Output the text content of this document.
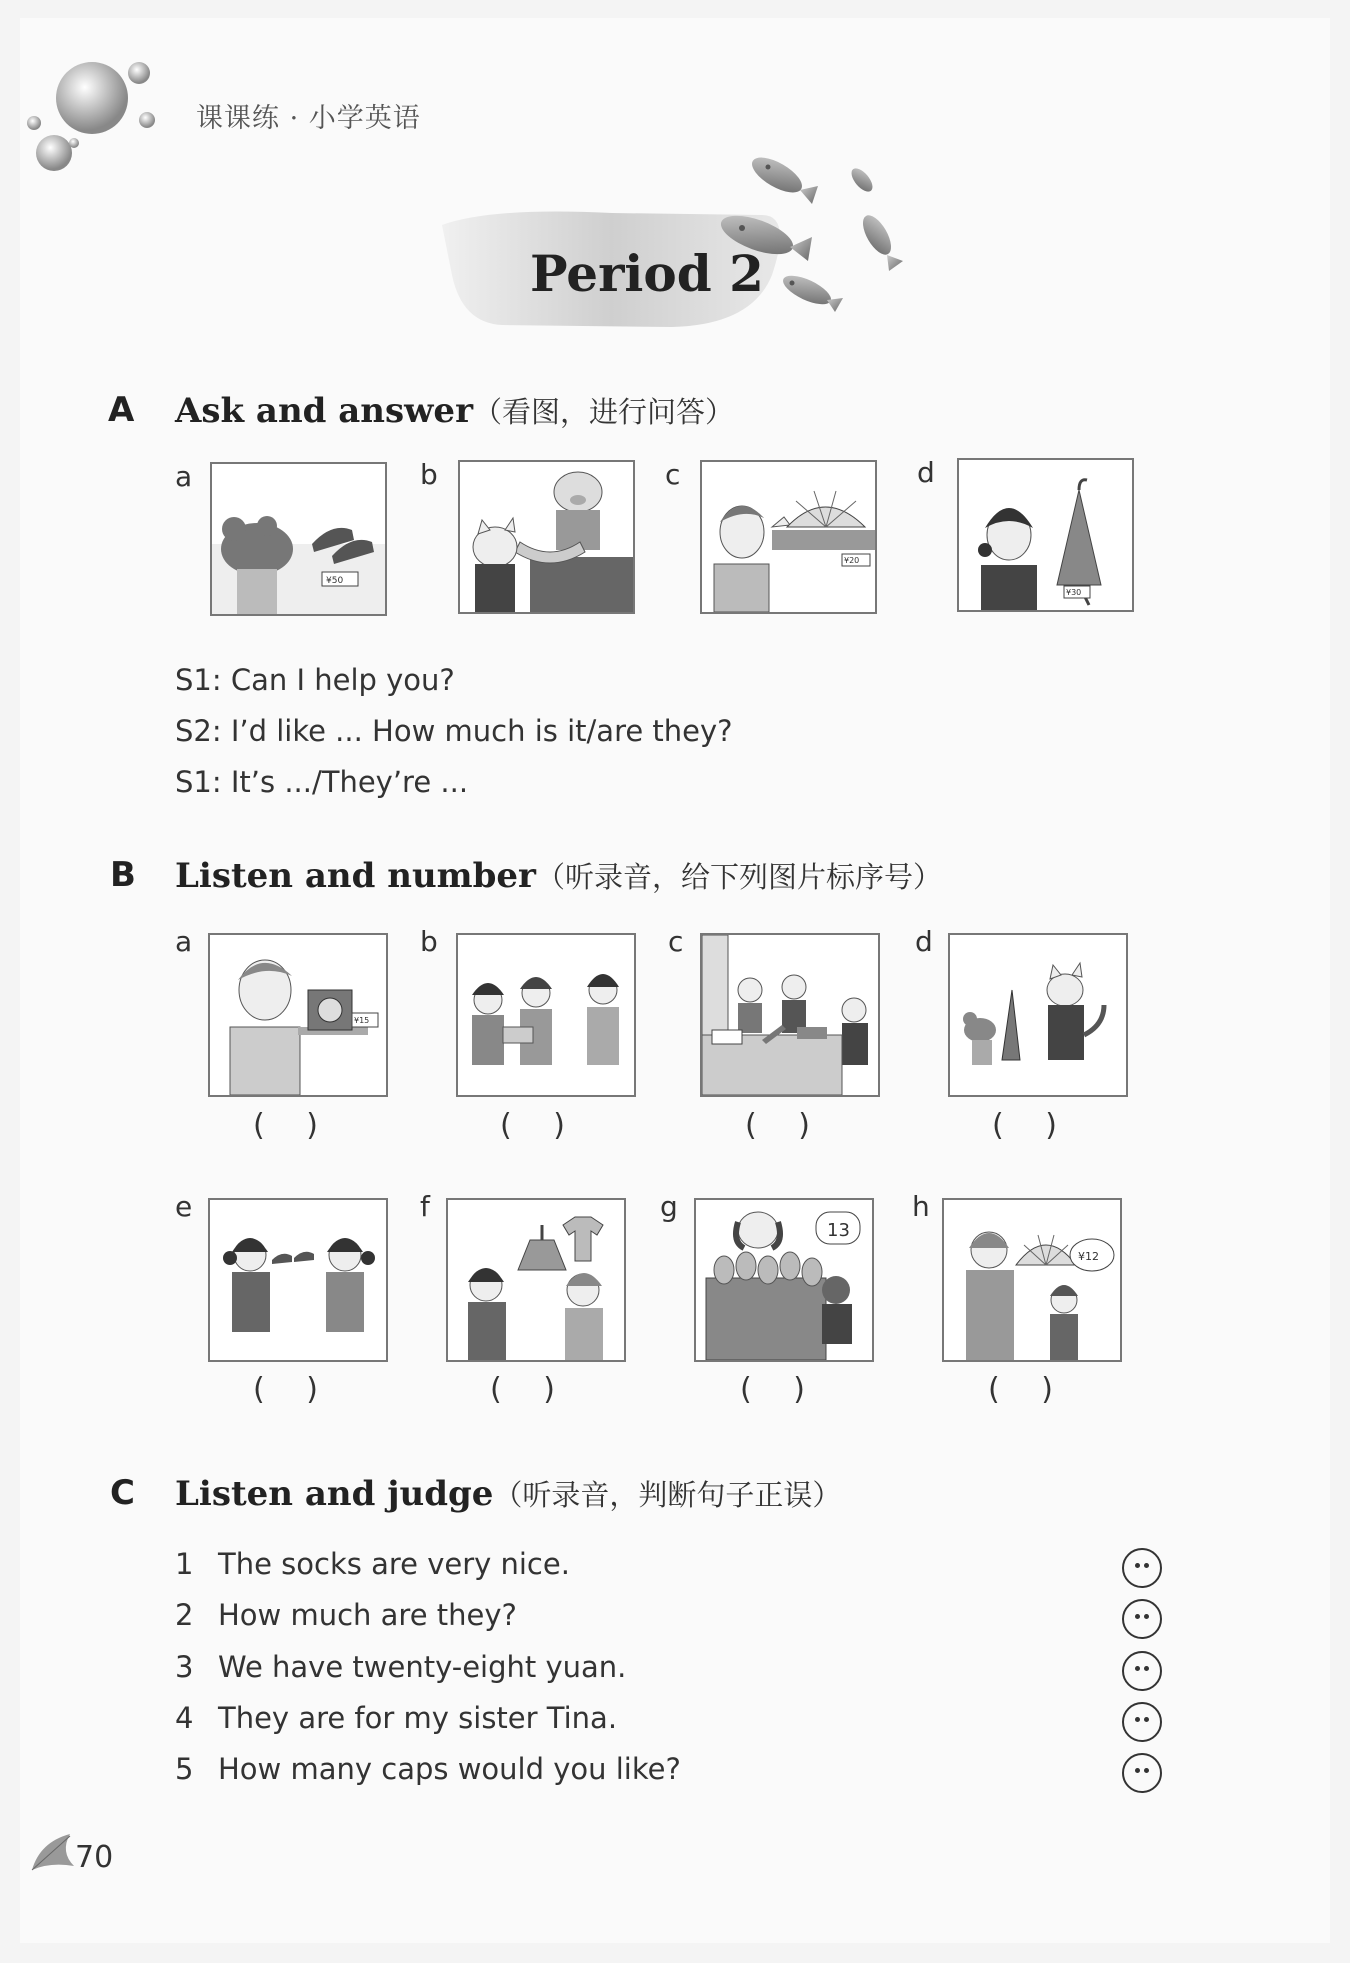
课课练 · 小学英语
Period 2
A Ask and answer（看图，进行问答）
a
¥50
b	c
¥20
d
¥30
S1: Can I help you?
S2: I’d like ... How much is it/are they?
S1: It’s .../They’re ...
B Listen and number（听录音，给下列图片标序号）
a
¥15
( )
b
( )
c
( )
d
( )
e
( )
f
( )
g
13
( )
h
¥12
( )
C Listen and judge（听录音，判断句子正误）
1 The socks are very nice.
2 How much are they?
3 We have twenty-eight yuan.
4 They are for my sister Tina.
5 How many caps would you like?
70
